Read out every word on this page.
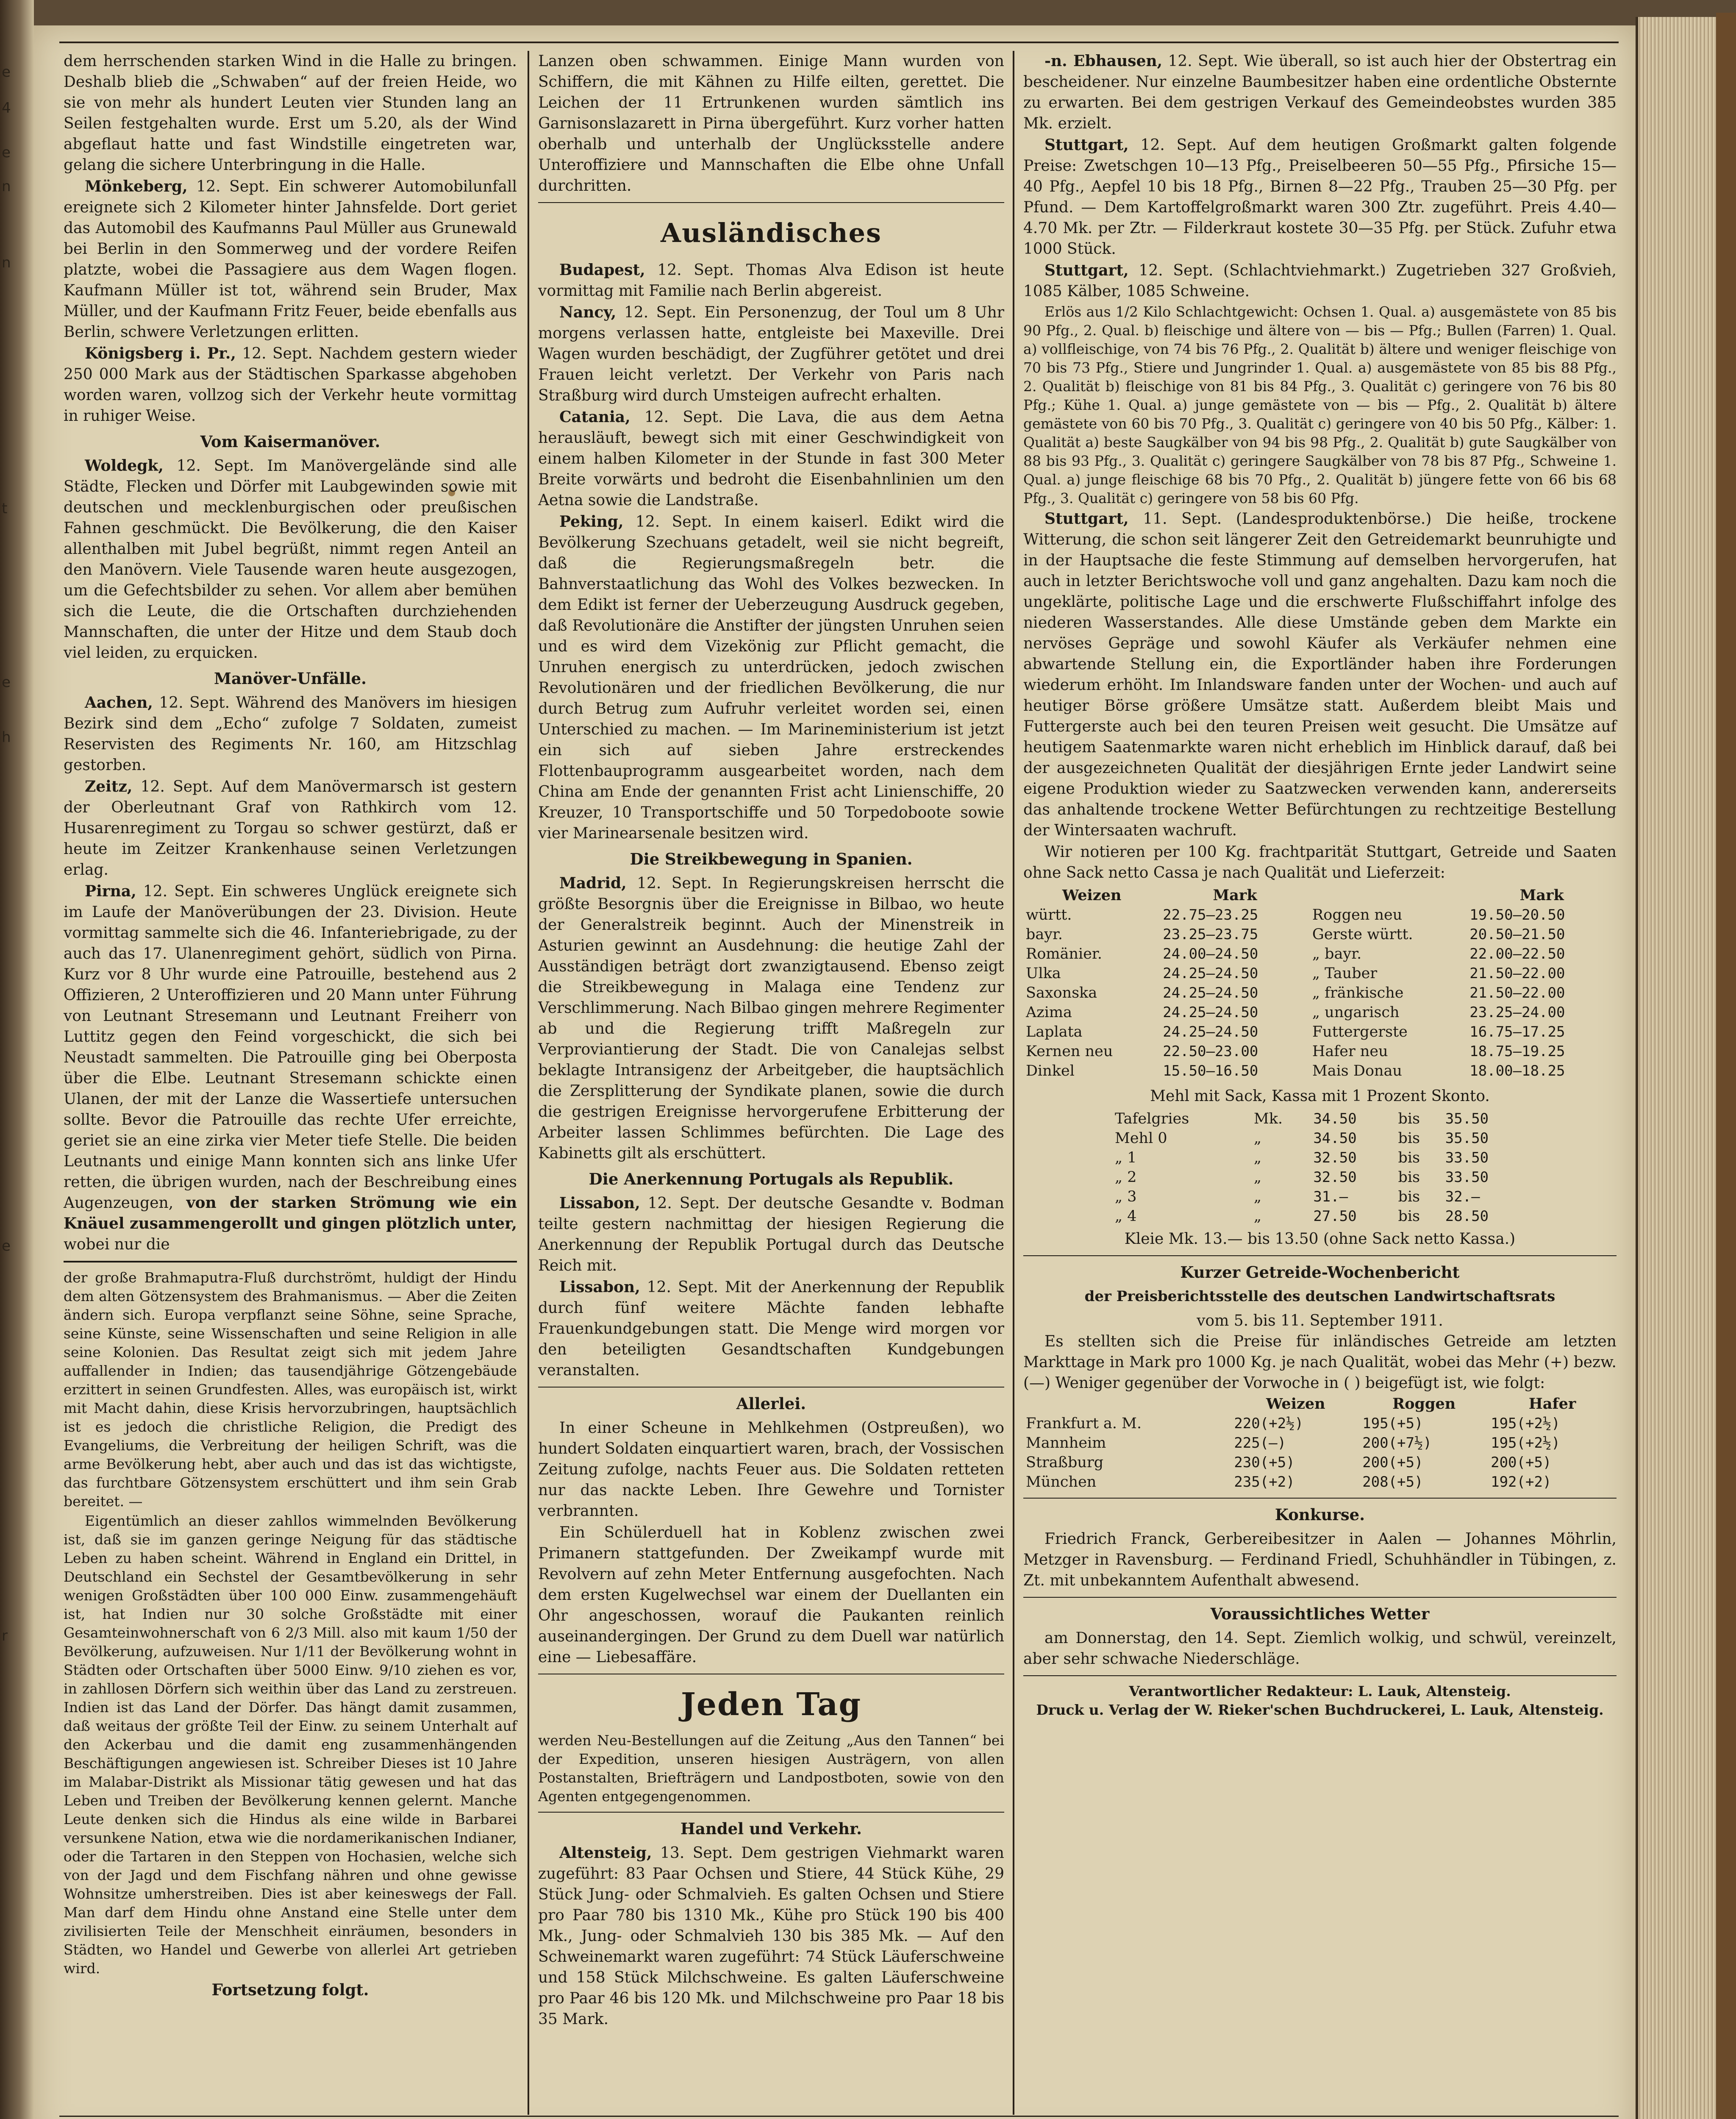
e
4
e
n
n
t
e
h
e
r

dem herrschenden starken Wind in die Halle zu bringen. Deshalb blieb die „Schwaben“ auf der freien Heide, wo sie von mehr als hundert Leuten vier Stunden lang an Seilen festgehalten wurde. Erst um 5.20, als der Wind abgeflaut hatte und fast Windstille eingetreten war, gelang die sichere Unterbringung in die Halle.

Mönkeberg, 12. Sept. Ein schwerer Automobilunfall ereignete sich 2 Kilometer hinter Jahnsfelde. Dort geriet das Automobil des Kaufmanns Paul Müller aus Grunewald bei Berlin in den Sommerweg und der vordere Reifen platzte, wobei die Passagiere aus dem Wagen flogen. Kaufmann Müller ist tot, während sein Bruder, Max Müller, und der Kaufmann Fritz Feuer, beide ebenfalls aus Berlin, schwere Verletzungen erlitten.

Königsberg i. Pr., 12. Sept. Nachdem gestern wieder 250 000 Mark aus der Städtischen Sparkasse abgehoben worden waren, vollzog sich der Verkehr heute vormittag in ruhiger Weise.

Vom Kaisermanöver.

Woldegk, 12. Sept. Im Manövergelände sind alle Städte, Flecken und Dörfer mit Laubgewinden sowie mit deutschen und mecklenburgischen oder preußischen Fahnen geschmückt. Die Bevölkerung, die den Kaiser allenthalben mit Jubel begrüßt, nimmt regen Anteil an den Manövern. Viele Tausende waren heute ausgezogen, um die Gefechtsbilder zu sehen. Vor allem aber bemühen sich die Leute, die die Ortschaften durchziehenden Mannschaften, die unter der Hitze und dem Staub doch viel leiden, zu erquicken.

Manöver-Unfälle.

Aachen, 12. Sept. Während des Manövers im hiesigen Bezirk sind dem „Echo“ zufolge 7 Soldaten, zumeist Reservisten des Regiments Nr. 160, am Hitzschlag gestorben.

Zeitz, 12. Sept. Auf dem Manövermarsch ist gestern der Oberleutnant Graf von Rathkirch vom 12. Husarenregiment zu Torgau so schwer gestürzt, daß er heute im Zeitzer Krankenhause seinen Verletzungen erlag.

Pirna, 12. Sept. Ein schweres Unglück ereignete sich im Laufe der Manöverübungen der 23. Division. Heute vormittag sammelte sich die 46. Infanteriebrigade, zu der auch das 17. Ulanenregiment gehört, südlich von Pirna. Kurz vor 8 Uhr wurde eine Patrouille, bestehend aus 2 Offizieren, 2 Unteroffizieren und 20 Mann unter Führung von Leutnant Stresemann und Leutnant Freiherr von Luttitz gegen den Feind vorgeschickt, die sich bei Neustadt sammelten. Die Patrouille ging bei Oberposta über die Elbe. Leutnant Stresemann schickte einen Ulanen, der mit der Lanze die Wassertiefe untersuchen sollte. Bevor die Patrouille das rechte Ufer erreichte, geriet sie an eine zirka vier Meter tiefe Stelle. Die beiden Leutnants und einige Mann konnten sich ans linke Ufer retten, die übrigen wurden, nach der Beschreibung eines Augenzeugen, von der starken Strömung wie ein Knäuel zusammengerollt und gingen plötzlich unter, wobei nur die

der große Brahmaputra-Fluß durchströmt, huldigt der Hindu dem alten Götzensystem des Brahmanismus. — Aber die Zeiten ändern sich. Europa verpflanzt seine Söhne, seine Sprache, seine Künste, seine Wissenschaften und seine Religion in alle seine Kolonien. Das Resultat zeigt sich mit jedem Jahre auffallender in Indien; das tausendjährige Götzengebäude erzittert in seinen Grundfesten. Alles, was europäisch ist, wirkt mit Macht dahin, diese Krisis hervorzubringen, hauptsächlich ist es jedoch die christliche Religion, die Predigt des Evangeliums, die Verbreitung der heiligen Schrift, was die arme Bevölkerung hebt, aber auch und das ist das wichtigste, das furchtbare Götzensystem erschüttert und ihm sein Grab bereitet. —

Eigentümlich an dieser zahllos wimmelnden Bevölkerung ist, daß sie im ganzen geringe Neigung für das städtische Leben zu haben scheint. Während in England ein Drittel, in Deutschland ein Sechstel der Gesamtbevölkerung in sehr wenigen Großstädten über 100 000 Einw. zusammengehäuft ist, hat Indien nur 30 solche Großstädte mit einer Gesamteinwohnerschaft von 6 2/3 Mill. also mit kaum 1/50 der Bevölkerung, aufzuweisen. Nur 1/11 der Bevölkerung wohnt in Städten oder Ortschaften über 5000 Einw. 9/10 ziehen es vor, in zahllosen Dörfern sich weithin über das Land zu zerstreuen. Indien ist das Land der Dörfer. Das hängt damit zusammen, daß weitaus der größte Teil der Einw. zu seinem Unterhalt auf den Ackerbau und die damit eng zusammenhängenden Beschäftigungen angewiesen ist. Schreiber Dieses ist 10 Jahre im Malabar-Distrikt als Missionar tätig gewesen und hat das Leben und Treiben der Bevölkerung kennen gelernt. Manche Leute denken sich die Hindus als eine wilde in Barbarei versunkene Nation, etwa wie die nordamerikanischen Indianer, oder die Tartaren in den Steppen von Hochasien, welche sich von der Jagd und dem Fischfang nähren und ohne gewisse Wohnsitze umherstreiben. Dies ist aber keineswegs der Fall. Man darf dem Hindu ohne Anstand eine Stelle unter dem zivilisierten Teile der Menschheit einräumen, besonders in Städten, wo Handel und Gewerbe von allerlei Art getrieben wird.

Fortsetzung folgt.

Lanzen oben schwammen. Einige Mann wurden von Schiffern, die mit Kähnen zu Hilfe eilten, gerettet. Die Leichen der 11 Ertrunkenen wurden sämtlich ins Garnisonslazarett in Pirna übergeführt. Kurz vorher hatten oberhalb und unterhalb der Unglücksstelle andere Unteroffiziere und Mannschaften die Elbe ohne Unfall durchritten.

Ausländisches

Budapest, 12. Sept. Thomas Alva Edison ist heute vormittag mit Familie nach Berlin abgereist.

Nancy, 12. Sept. Ein Personenzug, der Toul um 8 Uhr morgens verlassen hatte, entgleiste bei Maxeville. Drei Wagen wurden beschädigt, der Zugführer getötet und drei Frauen leicht verletzt. Der Verkehr von Paris nach Straßburg wird durch Umsteigen aufrecht erhalten.

Catania, 12. Sept. Die Lava, die aus dem Aetna herausläuft, bewegt sich mit einer Geschwindigkeit von einem halben Kilometer in der Stunde in fast 300 Meter Breite vorwärts und bedroht die Eisenbahnlinien um den Aetna sowie die Landstraße.

Peking, 12. Sept. In einem kaiserl. Edikt wird die Bevölkerung Szechuans getadelt, weil sie nicht begreift, daß die Regierungsmaßregeln betr. die Bahnverstaatlichung das Wohl des Volkes bezwecken. In dem Edikt ist ferner der Ueberzeugung Ausdruck gegeben, daß Revolutionäre die Anstifter der jüngsten Unruhen seien und es wird dem Vizekönig zur Pflicht gemacht, die Unruhen energisch zu unterdrücken, jedoch zwischen Revolutionären und der friedlichen Bevölkerung, die nur durch Betrug zum Aufruhr verleitet worden sei, einen Unterschied zu machen. — Im Marineministerium ist jetzt ein sich auf sieben Jahre erstreckendes Flottenbauprogramm ausgearbeitet worden, nach dem China am Ende der genannten Frist acht Linienschiffe, 20 Kreuzer, 10 Transportschiffe und 50 Torpedoboote sowie vier Marinearsenale besitzen wird.

Die Streikbewegung in Spanien.

Madrid, 12. Sept. In Regierungskreisen herrscht die größte Besorgnis über die Ereignisse in Bilbao, wo heute der Generalstreik beginnt. Auch der Minenstreik in Asturien gewinnt an Ausdehnung: die heutige Zahl der Ausständigen beträgt dort zwanzigtausend. Ebenso zeigt die Streikbewegung in Malaga eine Tendenz zur Verschlimmerung. Nach Bilbao gingen mehrere Regimenter ab und die Regierung trifft Maßregeln zur Verproviantierung der Stadt. Die von Canalejas selbst beklagte Intransigenz der Arbeitgeber, die hauptsächlich die Zersplitterung der Syndikate planen, sowie die durch die gestrigen Ereignisse hervorgerufene Erbitterung der Arbeiter lassen Schlimmes befürchten. Die Lage des Kabinetts gilt als erschüttert.

Die Anerkennung Portugals als Republik.

Lissabon, 12. Sept. Der deutsche Gesandte v. Bodman teilte gestern nachmittag der hiesigen Regierung die Anerkennung der Republik Portugal durch das Deutsche Reich mit.

Lissabon, 12. Sept. Mit der Anerkennung der Republik durch fünf weitere Mächte fanden lebhafte Frauenkundgebungen statt. Die Menge wird morgen vor den beteiligten Gesandtschaften Kundgebungen veranstalten.

Allerlei.

In einer Scheune in Mehlkehmen (Ostpreußen), wo hundert Soldaten einquartiert waren, brach, der Vossischen Zeitung zufolge, nachts Feuer aus. Die Soldaten retteten nur das nackte Leben. Ihre Gewehre und Tornister verbrannten.

Ein Schülerduell hat in Koblenz zwischen zwei Primanern stattgefunden. Der Zweikampf wurde mit Revolvern auf zehn Meter Entfernung ausgefochten. Nach dem ersten Kugelwechsel war einem der Duellanten ein Ohr angeschossen, worauf die Paukanten reinlich auseinandergingen. Der Grund zu dem Duell war natürlich eine — Liebesaffäre.

Jeden Tag

werden Neu-Bestellungen auf die Zeitung „Aus den Tannen“ bei der Expedition, unseren hiesigen Austrägern, von allen Postanstalten, Briefträgern und Landpostboten, sowie von den Agenten entgegengenommen.

Handel und Verkehr.

Altensteig, 13. Sept. Dem gestrigen Viehmarkt waren zugeführt: 83 Paar Ochsen und Stiere, 44 Stück Kühe, 29 Stück Jung- oder Schmalvieh. Es galten Ochsen und Stiere pro Paar 780 bis 1310 Mk., Kühe pro Stück 190 bis 400 Mk., Jung- oder Schmalvieh 130 bis 385 Mk. — Auf den Schweinemarkt waren zugeführt: 74 Stück Läuferschweine und 158 Stück Milchschweine. Es galten Läuferschweine pro Paar 46 bis 120 Mk. und Milchschweine pro Paar 18 bis 35 Mark.

-n. Ebhausen, 12. Sept. Wie überall, so ist auch hier der Obstertrag ein bescheidener. Nur einzelne Baumbesitzer haben eine ordentliche Obsternte zu erwarten. Bei dem gestrigen Verkauf des Gemeindeobstes wurden 385 Mk. erzielt.

Stuttgart, 12. Sept. Auf dem heutigen Großmarkt galten folgende Preise: Zwetschgen 10—13 Pfg., Preiselbeeren 50—55 Pfg., Pfirsiche 15—40 Pfg., Aepfel 10 bis 18 Pfg., Birnen 8—22 Pfg., Trauben 25—30 Pfg. per Pfund. — Dem Kartoffelgroßmarkt waren 300 Ztr. zugeführt. Preis 4.40—4.70 Mk. per Ztr. — Filderkraut kostete 30—35 Pfg. per Stück. Zufuhr etwa 1000 Stück.

Stuttgart, 12. Sept. (Schlachtviehmarkt.) Zugetrieben 327 Großvieh, 1085 Kälber, 1085 Schweine.

Erlös aus 1/2 Kilo Schlachtgewicht: Ochsen 1. Qual. a) ausgemästete von 85 bis 90 Pfg., 2. Qual. b) fleischige und ältere von — bis — Pfg.; Bullen (Farren) 1. Qual. a) vollfleischige, von 74 bis 76 Pfg., 2. Qualität b) ältere und weniger fleischige von 70 bis 73 Pfg., Stiere und Jungrinder 1. Qual. a) ausgemästete von 85 bis 88 Pfg., 2. Qualität b) fleischige von 81 bis 84 Pfg., 3. Qualität c) geringere von 76 bis 80 Pfg.; Kühe 1. Qual. a) junge gemästete von — bis — Pfg., 2. Qualität b) ältere gemästete von 60 bis 70 Pfg., 3. Qualität c) geringere von 40 bis 50 Pfg., Kälber: 1. Qualität a) beste Saugkälber von 94 bis 98 Pfg., 2. Qualität b) gute Saugkälber von 88 bis 93 Pfg., 3. Qualität c) geringere Saugkälber von 78 bis 87 Pfg., Schweine 1. Qual. a) junge fleischige 68 bis 70 Pfg., 2. Qualität b) jüngere fette von 66 bis 68 Pfg., 3. Qualität c) geringere von 58 bis 60 Pfg.

Stuttgart, 11. Sept. (Landesproduktenbörse.) Die heiße, trockene Witterung, die schon seit längerer Zeit den Getreidemarkt beunruhigte und in der Hauptsache die feste Stimmung auf demselben hervorgerufen, hat auch in letzter Berichtswoche voll und ganz angehalten. Dazu kam noch die ungeklärte, politische Lage und die erschwerte Flußschiffahrt infolge des niederen Wasserstandes. Alle diese Umstände geben dem Markte ein nervöses Gepräge und sowohl Käufer als Verkäufer nehmen eine abwartende Stellung ein, die Exportländer haben ihre Forderungen wiederum erhöht. Im Inlandsware fanden unter der Wochen- und auch auf heutiger Börse größere Umsätze statt. Außerdem bleibt Mais und Futtergerste auch bei den teuren Preisen weit gesucht. Die Umsätze auf heutigem Saatenmarkte waren nicht erheblich im Hinblick darauf, daß bei der ausgezeichneten Qualität der diesjährigen Ernte jeder Landwirt seine eigene Produktion wieder zu Saatzwecken verwenden kann, andererseits das anhaltende trockene Wetter Befürchtungen zu rechtzeitige Bestellung der Wintersaaten wachruft.

Wir notieren per 100 Kg. frachtparität Stuttgart, Getreide und Saaten ohne Sack netto Cassa je nach Qualität und Lieferzeit:

Weizen	Mark		Mark
württ.	22.75—23.25	Roggen neu	19.50—20.50
bayr.	23.25—23.75	Gerste württ.	20.50—21.50
Romänier.	24.00—24.50	„ bayr.	22.00—22.50
Ulka	24.25—24.50	„ Tauber	21.50—22.00
Saxonska	24.25—24.50	„ fränkische	21.50—22.00
Azima	24.25—24.50	„ ungarisch	23.25—24.00
Laplata	24.25—24.50	Futtergerste	16.75—17.25
Kernen neu	22.50—23.00	Hafer neu	18.75—19.25
Dinkel	15.50—16.50	Mais Donau	18.00—18.25
Mehl mit Sack, Kassa mit 1 Prozent Skonto.
Tafelgries	Mk.	34.50	bis	35.50
Mehl 0	„	34.50	bis	35.50
„ 1	„	32.50	bis	33.50
„ 2	„	32.50	bis	33.50
„ 3	„	31.—	bis	32.—
„ 4	„	27.50	bis	28.50
Kleie Mk. 13.— bis 13.50 (ohne Sack netto Kassa.)
Kurzer Getreide-Wochenbericht
der Preisberichtsstelle des deutschen Landwirtschaftsrats
vom 5. bis 11. September 1911.

Es stellten sich die Preise für inländisches Getreide am letzten Markttage in Mark pro 1000 Kg. je nach Qualität, wobei das Mehr (+) bezw. (—) Weniger gegenüber der Vorwoche in ( ) beigefügt ist, wie folgt:

	Weizen	Roggen	Hafer
Frankfurt a. M.	220(+2½)	195(+5)	195(+2½)
Mannheim	225(—)	200(+7½)	195(+2½)
Straßburg	230(+5)	200(+5)	200(+5)
München	235(+2)	208(+5)	192(+2)
Konkurse.

Friedrich Franck, Gerbereibesitzer in Aalen — Johannes Möhrlin, Metzger in Ravensburg. — Ferdinand Friedl, Schuhhändler in Tübingen, z. Zt. mit unbekanntem Aufenthalt abwesend.

Voraussichtliches Wetter

am Donnerstag, den 14. Sept. Ziemlich wolkig, und schwül, vereinzelt, aber sehr schwache Niederschläge.

Verantwortlicher Redakteur: L. Lauk, Altensteig.
Druck u. Verlag der W. Rieker'schen Buchdruckerei, L. Lauk, Altensteig.
